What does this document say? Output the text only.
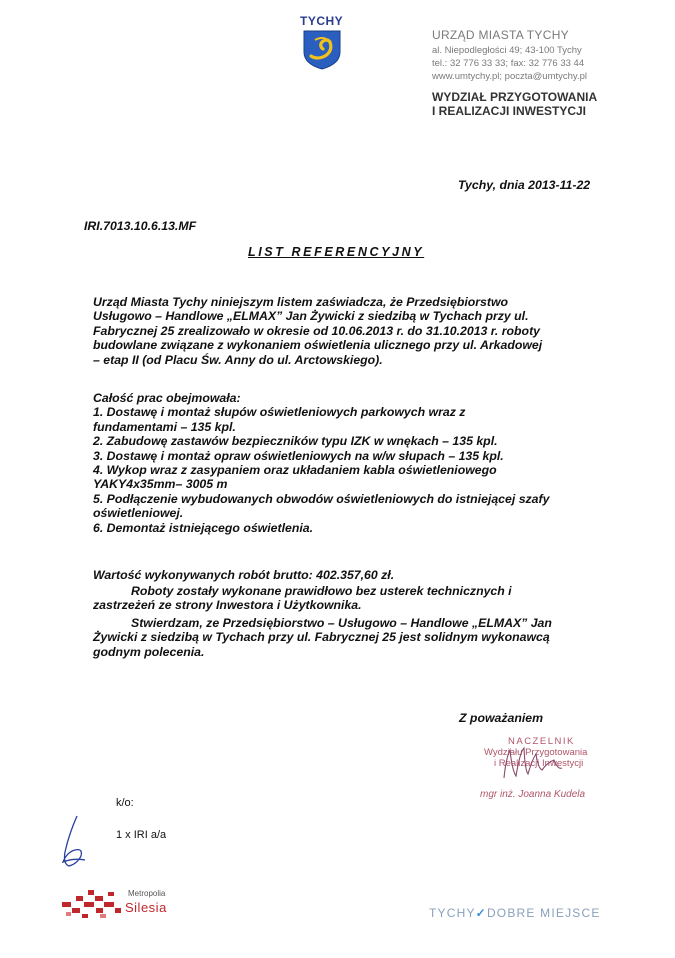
TYCHY
URZĄD MIASTA TYCHY
al. Niepodległości 49; 43-100 Tychy
tel.: 32 776 33 33; fax: 32 776 33 44
www.umtychy.pl; poczta@umtychy.pl
WYDZIAŁ PRZYGOTOWANIA
I REALIZACJI INWESTYCJI
Tychy, dnia 2013-11-22
IRI.7013.10.6.13.MF
LIST REFERENCYJNY
Urząd Miasta Tychy niniejszym listem zaświadcza, że Przedsiębiorstwo
Usługowo – Handlowe „ELMAX” Jan Żywicki z siedzibą w Tychach przy ul.
Fabrycznej 25 zrealizowało w okresie od 10.06.2013 r. do 31.10.2013 r. roboty
budowlane związane z wykonaniem oświetlenia ulicznego przy ul. Arkadowej
– etap II (od Placu Św. Anny do ul. Arctowskiego).
Całość prac obejmowała:
1. Dostawę i montaż słupów oświetleniowych parkowych wraz z
fundamentami – 135 kpl.
2. Zabudowę zastawów bezpieczników typu IZK w wnękach – 135 kpl.
3. Dostawę i montaż opraw oświetleniowych na w/w słupach – 135 kpl.
4. Wykop wraz z zasypaniem oraz układaniem kabla oświetleniowego
YAKY4x35mm– 3005 m
5. Podłączenie wybudowanych obwodów oświetleniowych do istniejącej szafy
oświetleniowej.
6. Demontaż istniejącego oświetlenia.
Wartość wykonywanych robót brutto: 402.357,60 zł.
Roboty zostały wykonane prawidłowo bez usterek technicznych i
zastrzeżeń ze strony Inwestora i Użytkownika.
Stwierdzam, ze Przedsiębiorstwo – Usługowo – Handlowe „ELMAX” Jan
Żywicki z siedzibą w Tychach przy ul. Fabrycznej 25 jest solidnym wykonawcą
godnym polecenia.
Z poważaniem
NACZELNIK
Wydziału Przygotowania
i Realizacji Inwestycji
mgr inż. Joanna Kudela
k/o:
1 x IRI a/a
Metropolia
Silesia	TYCHY✓DOBRE MIEJSCE
